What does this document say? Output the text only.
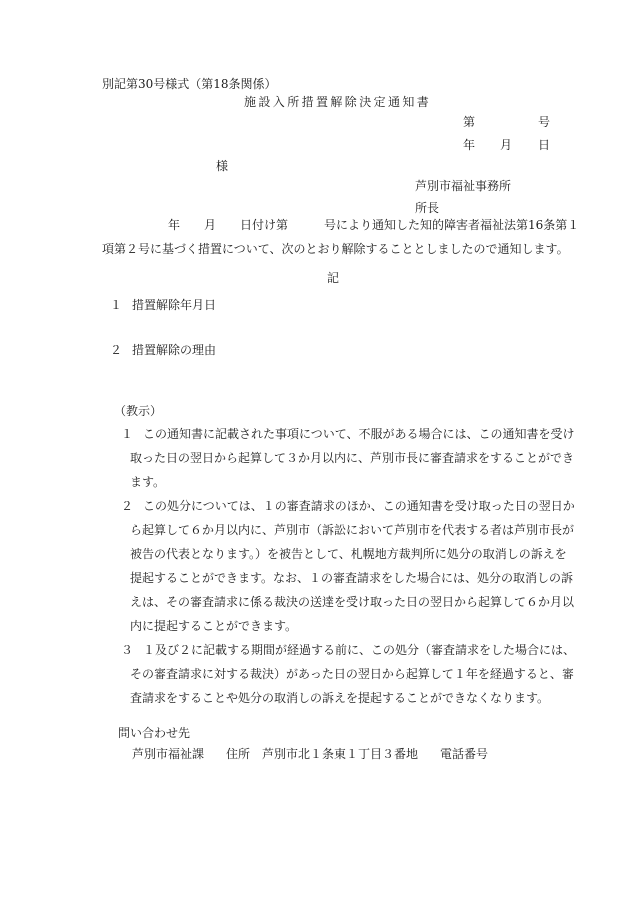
別記第30号様式（第18条関係）
施設入所措置解除決定通知書
第	号
年 月 日
様
芦別市福祉事務所
所長
年　　月　　日付け第　　　号により通知した知的障害者福祉法第16条第１
項第２号に基づく措置について、次のとおり解除することとしましたので通知します。
記
１ 措置解除年月日
２ 措置解除の理由
（教示）
１ この通知書に記載された事項について、不服がある場合には、この通知書を受け
取った日の翌日から起算して３か月以内に、芦別市長に審査請求をすることができ
ます。
２ この処分については、１の審査請求のほか、この通知書を受け取った日の翌日か
ら起算して６か月以内に、芦別市（訴訟において芦別市を代表する者は芦別市長が
被告の代表となります。）を被告として、札幌地方裁判所に処分の取消しの訴えを
提起することができます。なお、１の審査請求をした場合には、処分の取消しの訴
えは、その審査請求に係る裁決の送達を受け取った日の翌日から起算して６か月以
内に提起することができます。
３ １及び２に記載する期間が経過する前に、この処分（審査請求をした場合には、
その審査請求に対する裁決）があった日の翌日から起算して１年を経過すると、審
査請求をすることや処分の取消しの訴えを提起することができなくなります。
問い合わせ先
芦別市福祉課 住所　芦別市北１条東１丁目３番地 電話番号
